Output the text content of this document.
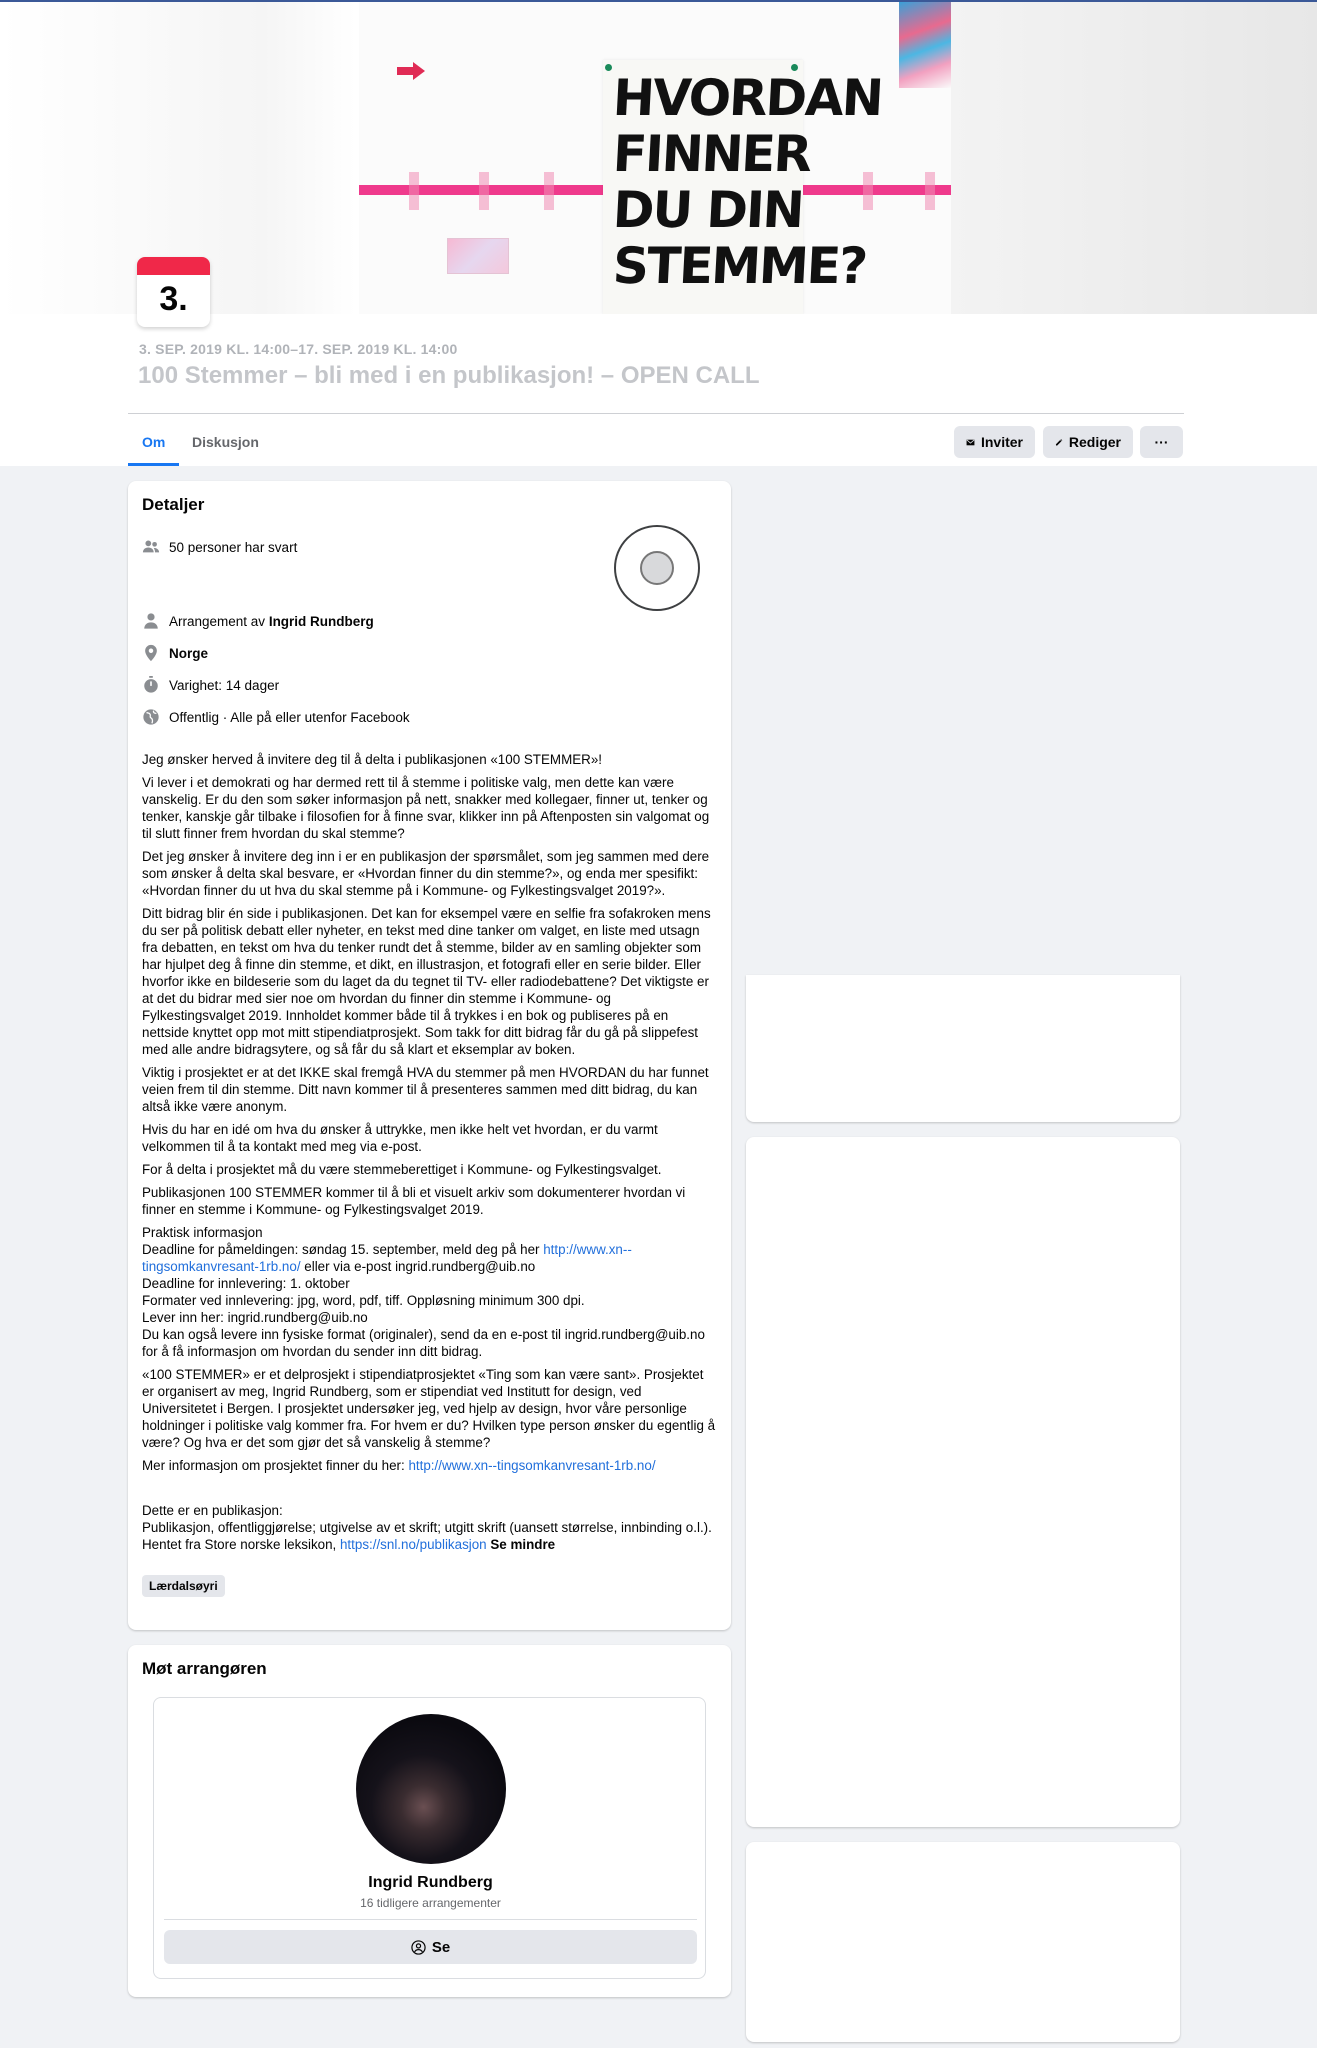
HVORDAN
FINNER
DU DIN
STEMME?
3.
3. SEP. 2019 KL. 14:00–17. SEP. 2019 KL. 14:00
100 Stemmer – bli med i en publikasjon! – OPEN CALL
Om	Diskusjon	Inviter	Rediger ···
Detaljer
50 personer har svart
Arrangement av Ingrid Rundberg
Norge
Varighet: 14 dager
Offentlig · Alle på eller utenfor Facebook

Jeg ønsker herved å invitere deg til å delta i publikasjonen «100 STEMMER»!

Vi lever i et demokrati og har dermed rett til å stemme i politiske valg, men dette kan være vanskelig. Er du den som søker informasjon på nett, snakker med kollegaer, finner ut, tenker og tenker, kanskje går tilbake i filosofien for å finne svar, klikker inn på Aftenposten sin valgomat og til slutt finner frem hvordan du skal stemme?

Det jeg ønsker å invitere deg inn i er en publikasjon der spørsmålet, som jeg sammen med dere som ønsker å delta skal besvare, er «Hvordan finner du din stemme?», og enda mer spesifikt: «Hvordan finner du ut hva du skal stemme på i Kommune- og Fylkestingsvalget 2019?».

Ditt bidrag blir én side i publikasjonen. Det kan for eksempel være en selfie fra sofakroken mens du ser på politisk debatt eller nyheter, en tekst med dine tanker om valget, en liste med utsagn fra debatten, en tekst om hva du tenker rundt det å stemme, bilder av en samling objekter som har hjulpet deg å finne din stemme, et dikt, en illustrasjon, et fotografi eller en serie bilder. Eller hvorfor ikke en bildeserie som du laget da du tegnet til TV- eller radiodebattene? Det viktigste er at det du bidrar med sier noe om hvordan du finner din stemme i Kommune- og Fylkestingsvalget 2019. Innholdet kommer både til å trykkes i en bok og publiseres på en nettside knyttet opp mot mitt stipendiatprosjekt. Som takk for ditt bidrag får du gå på slippefest med alle andre bidragsytere, og så får du så klart et eksemplar av boken.

Viktig i prosjektet er at det IKKE skal fremgå HVA du stemmer på men HVORDAN du har funnet veien frem til din stemme. Ditt navn kommer til å presenteres sammen med ditt bidrag, du kan altså ikke være anonym.

Hvis du har en idé om hva du ønsker å uttrykke, men ikke helt vet hvordan, er du varmt velkommen til å ta kontakt med meg via e-post.

For å delta i prosjektet må du være stemmeberettiget i Kommune- og Fylkestingsvalget.

Publikasjonen 100 STEMMER kommer til å bli et visuelt arkiv som dokumenterer hvordan vi finner en stemme i Kommune- og Fylkestingsvalget 2019.

Praktisk informasjon
Deadline for påmeldingen: søndag 15. september, meld deg på her http://www.xn--tingsomkanvresant-1rb.no/ eller via e-post ingrid.rundberg@uib.no
Deadline for innlevering: 1. oktober
Formater ved innlevering: jpg, word, pdf, tiff. Oppløsning minimum 300 dpi.
Lever inn her: ingrid.rundberg@uib.no
Du kan også levere inn fysiske format (originaler), send da en e-post til ingrid.rundberg@uib.no for å få informasjon om hvordan du sender inn ditt bidrag.

«100 STEMMER» er et delprosjekt i stipendiatprosjektet «Ting som kan være sant». Prosjektet er organisert av meg, Ingrid Rundberg, som er stipendiat ved Institutt for design, ved Universitetet i Bergen. I prosjektet undersøker jeg, ved hjelp av design, hvor våre personlige holdninger i politiske valg kommer fra. For hvem er du? Hvilken type person ønsker du egentlig å være? Og hva er det som gjør det så vanskelig å stemme?

Mer informasjon om prosjektet finner du her: http://www.xn--tingsomkanvresant-1rb.no/

Dette er en publikasjon:
Publikasjon, offentliggjørelse; utgivelse av et skrift; utgitt skrift (uansett størrelse, innbinding o.l.).
Hentet fra Store norske leksikon, https://snl.no/publikasjon Se mindre

Lærdalsøyri
Møt arrangøren
Ingrid Rundberg
16 tidligere arrangementer
Se
